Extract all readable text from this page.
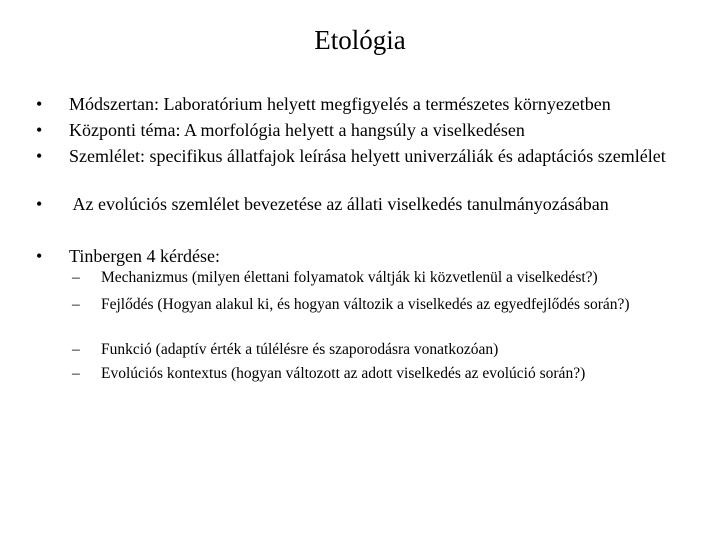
Etológia
•	Módszertan: Laboratórium helyett megfigyelés a természetes környezetben
•	Központi téma: A morfológia helyett a hangsúly a viselkedésen
•	Szemlélet: specifikus állatfajok leírása helyett univerzáliák és adaptációs szemlélet
•	Az evolúciós szemlélet bevezetése az állati viselkedés tanulmányozásában
•	Tinbergen 4 kérdése:
–	Mechanizmus (milyen élettani folyamatok váltják ki közvetlenül a viselkedést?)
–	Fejlődés (Hogyan alakul ki, és hogyan változik a viselkedés az egyedfejlődés során?)
–	Funkció (adaptív érték a túlélésre és szaporodásra vonatkozóan)
–	Evolúciós kontextus (hogyan változott az adott viselkedés az evolúció során?)
